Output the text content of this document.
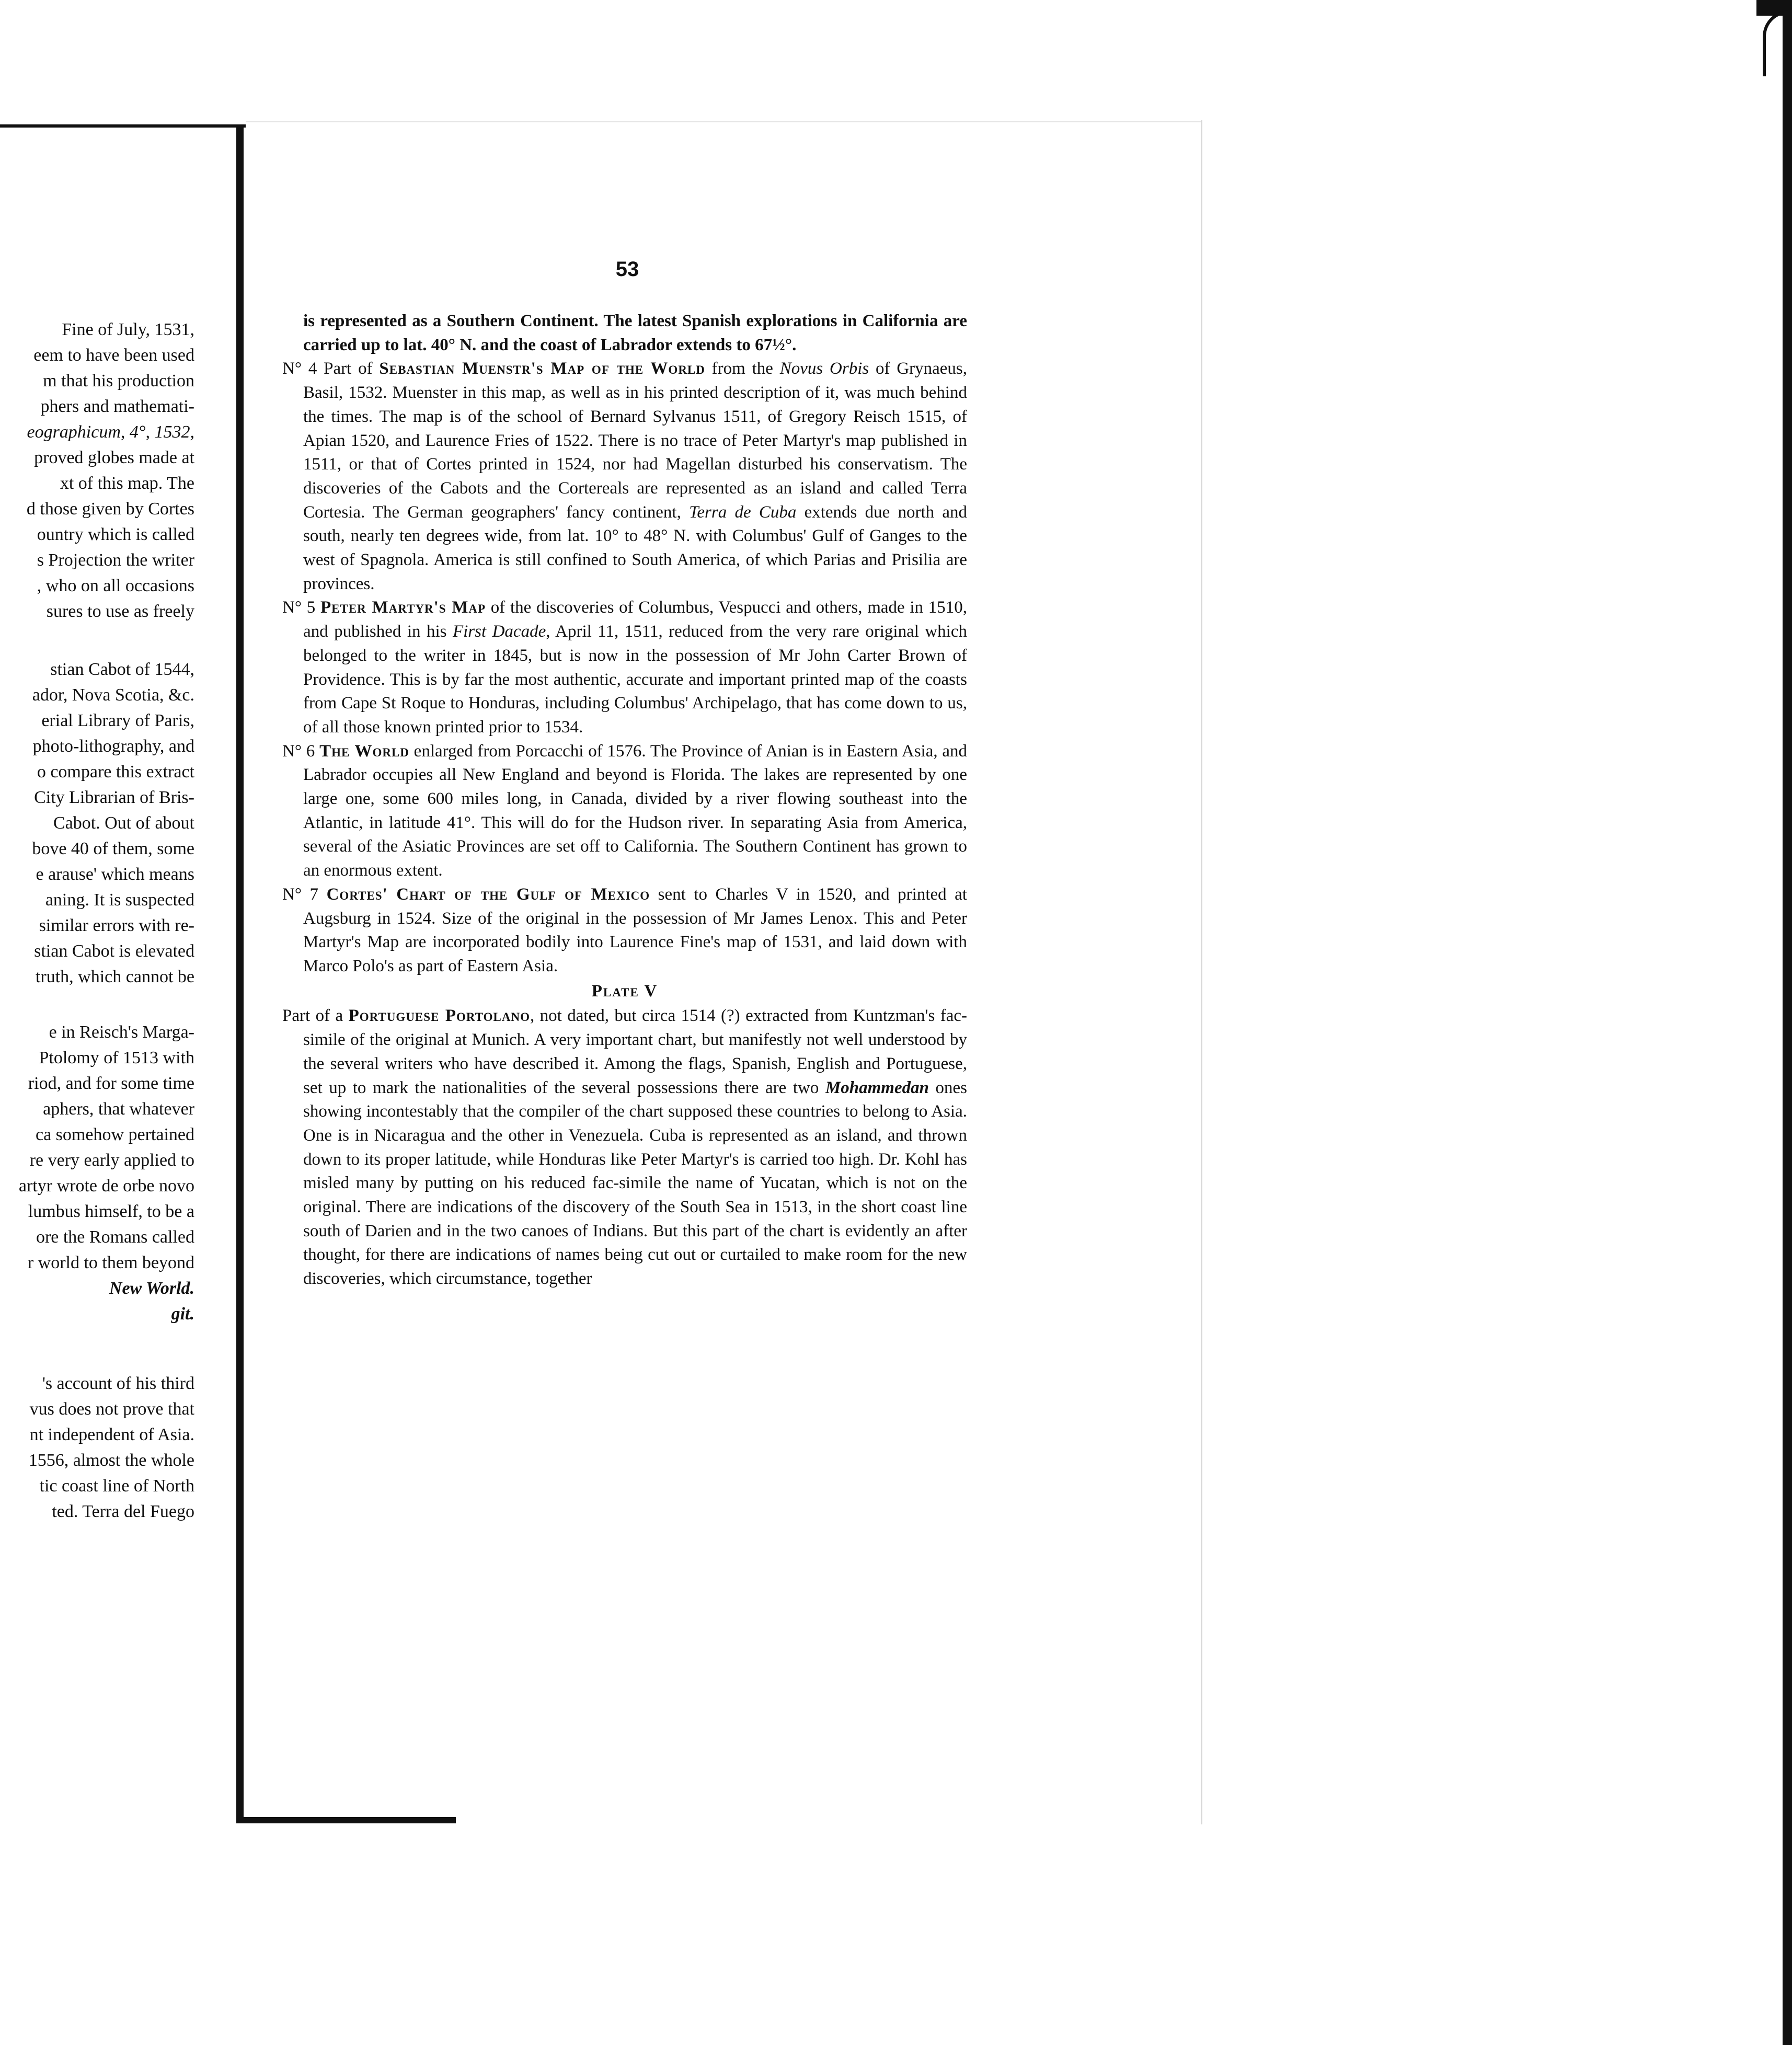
Fine of July, 1531,
eem to have been used
m that his production
phers and mathemati-
eographicum, 4°, 1532,
proved globes made at
xt of this map. The
d those given by Cortes
ountry which is called
s Projection the writer
, who on all occasions
sures to use as freely
stian Cabot of 1544,
ador, Nova Scotia, &c.
erial Library of Paris,
photo-lithography, and
o compare this extract
City Librarian of Bris-
Cabot. Out of about
bove 40 of them, some
e arause' which means
aning. It is suspected
similar errors with re-
stian Cabot is elevated
truth, which cannot be
e in Reisch's Marga-
Ptolomy of 1513 with
riod, and for some time
aphers, that whatever
ca somehow pertained
re very early applied to
artyr wrote de orbe novo
lumbus himself, to be a
ore the Romans called
r world to them beyond
New World.
git.
's account of his third
vus does not prove that
nt independent of Asia.
1556, almost the whole
tic coast line of North
ted. Terra del Fuego
53
is represented as a Southern Continent. The latest Spanish explorations in California are carried up to lat. 40° N. and the coast of Labrador extends to 67½°.
N° 4 Part of Sebastian Muenstr's Map of the World from the Novus Orbis of Grynaeus, Basil, 1532. Muenster in this map, as well as in his printed description of it, was much behind the times. The map is of the school of Bernard Sylvanus 1511, of Gregory Reisch 1515, of Apian 1520, and Laurence Fries of 1522. There is no trace of Peter Martyr's map published in 1511, or that of Cortes printed in 1524, nor had Magellan disturbed his conservatism. The discoveries of the Cabots and the Cortereals are represented as an island and called Terra Cortesia. The German geographers' fancy continent, Terra de Cuba extends due north and south, nearly ten degrees wide, from lat. 10° to 48° N. with Columbus' Gulf of Ganges to the west of Spagnola. America is still confined to South America, of which Parias and Prisilia are provinces.
N° 5 Peter Martyr's Map of the discoveries of Columbus, Vespucci and others, made in 1510, and published in his First Dacade, April 11, 1511, reduced from the very rare original which belonged to the writer in 1845, but is now in the possession of Mr John Carter Brown of Providence. This is by far the most authentic, accurate and important printed map of the coasts from Cape St Roque to Honduras, including Columbus' Archipelago, that has come down to us, of all those known printed prior to 1534.
N° 6 The World enlarged from Porcacchi of 1576. The Province of Anian is in Eastern Asia, and Labrador occupies all New England and beyond is Florida. The lakes are represented by one large one, some 600 miles long, in Canada, divided by a river flowing southeast into the Atlantic, in latitude 41°. This will do for the Hudson river. In separating Asia from America, several of the Asiatic Provinces are set off to California. The Southern Continent has grown to an enormous extent.
N° 7 Cortes' Chart of the Gulf of Mexico sent to Charles V in 1520, and printed at Augsburg in 1524. Size of the original in the possession of Mr James Lenox. This and Peter Martyr's Map are incorporated bodily into Laurence Fine's map of 1531, and laid down with Marco Polo's as part of Eastern Asia.
Plate V
Part of a Portuguese Portolano, not dated, but circa 1514 (?) extracted from Kuntzman's fac-simile of the original at Munich. A very important chart, but manifestly not well understood by the several writers who have described it. Among the flags, Spanish, English and Portuguese, set up to mark the nationalities of the several possessions there are two Mohammedan ones showing incontestably that the compiler of the chart supposed these countries to belong to Asia. One is in Nicaragua and the other in Venezuela. Cuba is represented as an island, and thrown down to its proper latitude, while Honduras like Peter Martyr's is carried too high. Dr. Kohl has misled many by putting on his reduced fac-simile the name of Yucatan, which is not on the original. There are indications of the discovery of the South Sea in 1513, in the short coast line south of Darien and in the two canoes of Indians. But this part of the chart is evidently an after thought, for there are indications of names being cut out or curtailed to make room for the new discoveries, which circumstance, together
